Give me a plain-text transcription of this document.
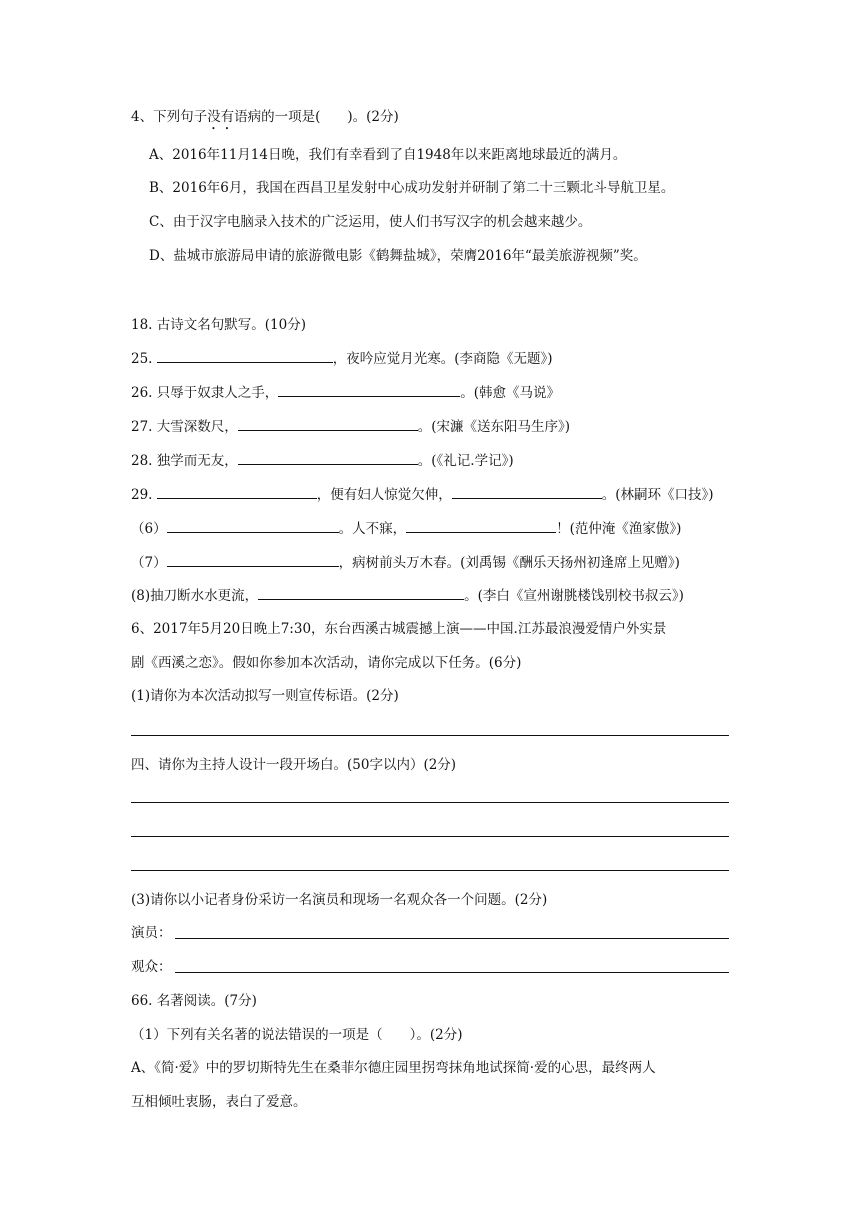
4、下列句子没有语病的一项是(　　)。(2分)
A、2016年11月14日晚，我们有幸看到了自1948年以来距离地球最近的满月。
B、2016年6月，我国在西昌卫星发射中心成功发射并研制了第二十三颗北斗导航卫星。
C、由于汉字电脑录入技术的广泛运用，使人们书写汉字的机会越来越少。
D、盐城市旅游局申请的旅游微电影《鹤舞盐城》，荣膺2016年“最美旅游视频”奖。
18. 古诗文名句默写。(10分)
25.	，夜吟应觉月光寒。(李商隐《无题》)
26. 只辱于奴隶人之手，	。(韩愈《马说》
27. 大雪深数尺，	。(宋濂《送东阳马生序》)
28. 独学而无友，	。(《礼记.学记》)
29.	，便有妇人惊觉欠伸，	。(林嗣环《口技》)
（6）	。人不寐，	！(范仲淹《渔家傲》)
（7）	，病树前头万木春。(刘禹锡《酬乐天扬州初逢席上见赠》)
(8)抽刀断水水更流，	。(李白《宣州谢朓楼饯别校书叔云》)
6、2017年5月20日晚上7:30，东台西溪古城震撼上演——中国.江苏最浪漫爱情户外实景
剧《西溪之恋》。假如你参加本次活动，请你完成以下任务。(6分)
(1)请你为本次活动拟写一则宣传标语。(2分)
四、请你为主持人设计一段开场白。(50字以内）(2分)
(3)请你以小记者身份采访一名演员和现场一名观众各一个问题。(2分)
演员：
观众：
66. 名著阅读。(7分)
（1）下列有关名著的说法错误的一项是（　　）。(2分)
A、《简·爱》中的罗切斯特先生在桑菲尔德庄园里拐弯抹角地试探简·爱的心思，最终两人
互相倾吐衷肠，表白了爱意。
